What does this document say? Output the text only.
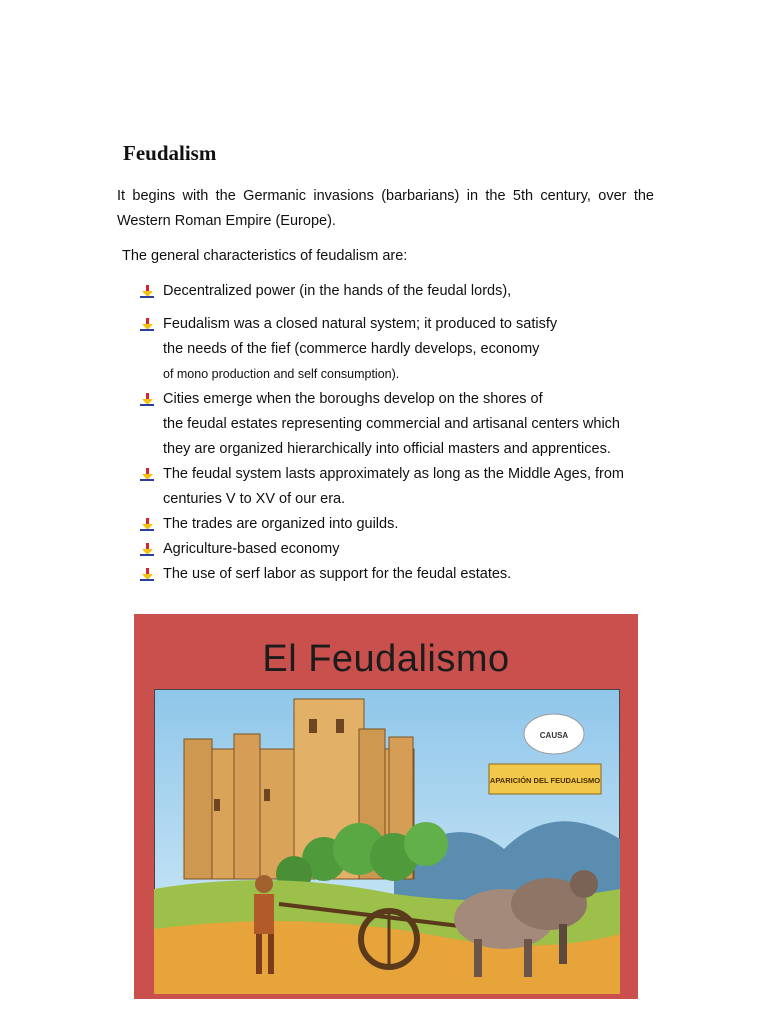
Feudalism

It begins with the Germanic invasions (barbarians) in the 5th century, over the Western Roman Empire (Europe).

The general characteristics of feudalism are:

Decentralized power (in the hands of the feudal lords),
Feudalism was a closed natural system; it produced to satisfy
the needs of the fief (commerce hardly develops, economy
of mono production and self consumption).
Cities emerge when the boroughs develop on the shores of
the feudal estates representing commercial and artisanal centers which
they are organized hierarchically into official masters and apprentices.
The feudal system lasts approximately as long as the Middle Ages, from
centuries V to XV of our era.
The trades are organized into guilds.
Agriculture-based economy
The use of serf labor as support for the feudal estates.
El Feudalismo
CAUSA
APARICIÓN DEL FEUDALISMO
